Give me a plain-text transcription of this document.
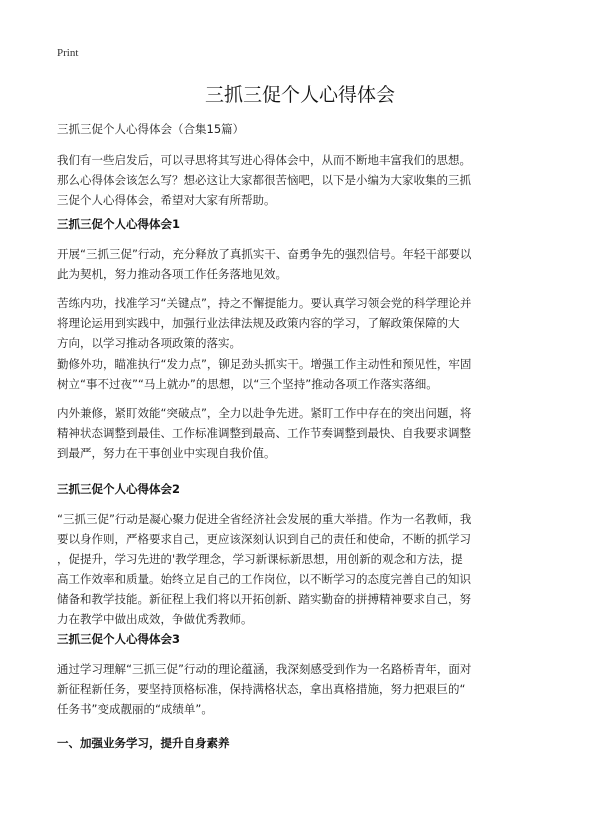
Print
三抓三促个人心得体会
三抓三促个人心得体会（合集15篇）

我们有一些启发后，可以寻思将其写进心得体会中，从而不断地丰富我们的思想。
那么心得体会该怎么写？想必这让大家都很苦恼吧，以下是小编为大家收集的三抓
三促个人心得体会，希望对大家有所帮助。

三抓三促个人心得体会1

开展“三抓三促”行动，充分释放了真抓实干、奋勇争先的强烈信号。年轻干部要以
此为契机，努力推动各项工作任务落地见效。

苦练内功，找准学习“关键点”，持之不懈提能力。要认真学习领会党的科学理论并
将理论运用到实践中，加强行业法律法规及政策内容的学习，了解政策保障的大
方向，以学习推动各项政策的落实。

勤修外功，瞄准执行“发力点”，铆足劲头抓实干。增强工作主动性和预见性，牢固
树立“事不过夜”“马上就办”的思想，以“三个坚持”推动各项工作落实落细。

内外兼修，紧盯效能“突破点”，全力以赴争先进。紧盯工作中存在的突出问题，将
精神状态调整到最佳、工作标准调整到最高、工作节奏调整到最快、自我要求调整
到最严，努力在干事创业中实现自我价值。

三抓三促个人心得体会2

“三抓三促”行动是凝心聚力促进全省经济社会发展的重大举措。作为一名教师，我
要以身作则，严格要求自己，更应该深刻认识到自己的责任和使命，不断的抓学习
，促提升，学习先进的'教学理念，学习新课标新思想，用创新的观念和方法，提
高工作效率和质量。始终立足自己的工作岗位，以不断学习的态度完善自己的知识
储备和教学技能。新征程上我们将以开拓创新、踏实勤奋的拼搏精神要求自己，努
力在教学中做出成效，争做优秀教师。

三抓三促个人心得体会3

通过学习理解“三抓三促”行动的理论蕴涵，我深刻感受到作为一名路桥青年，面对
新征程新任务，要坚持顶格标准，保持满格状态，拿出真格措施，努力把艰巨的“
任务书”变成靓丽的“成绩单”。

一、加强业务学习，提升自身素养
